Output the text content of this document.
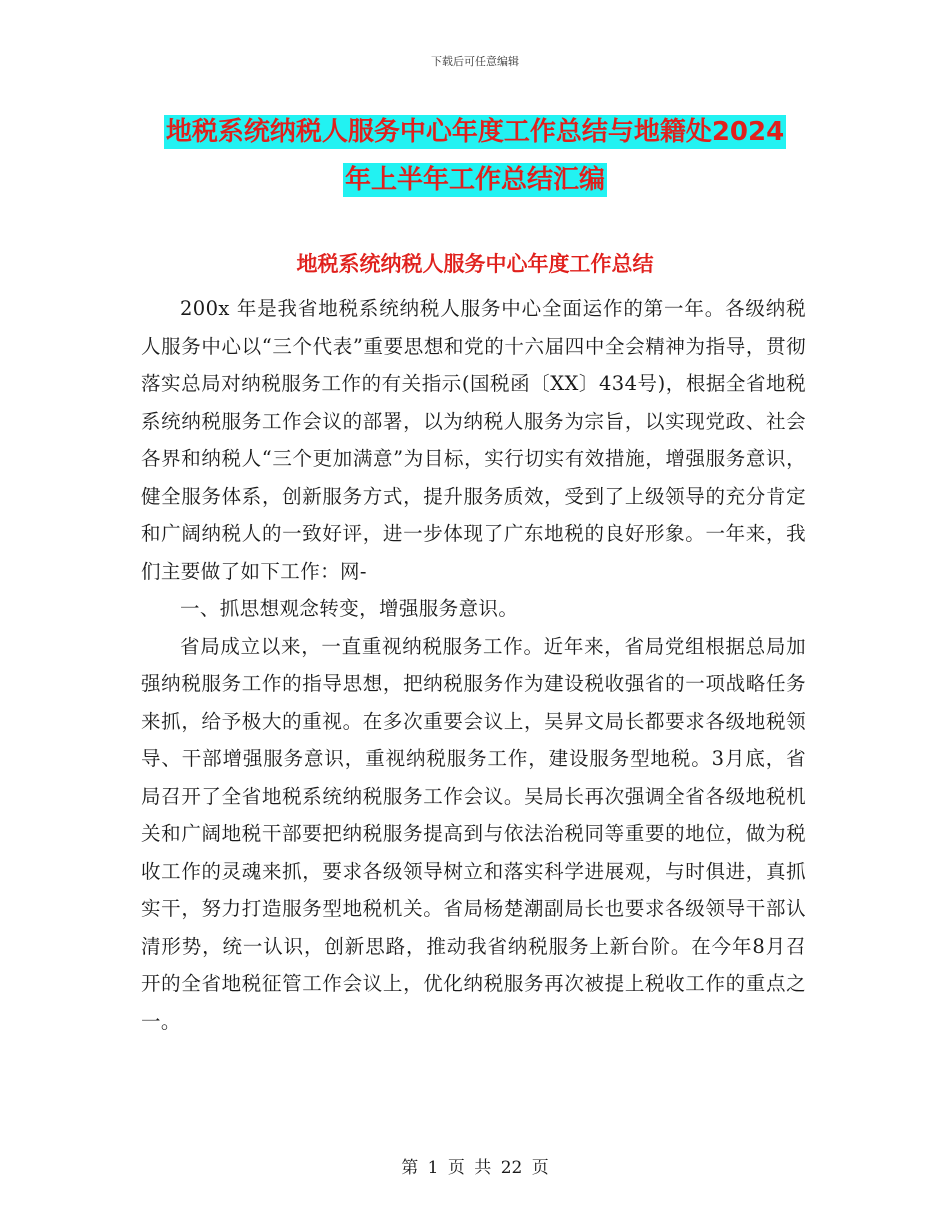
下载后可任意编辑
地税系统纳税人服务中心年度工作总结与地籍处2024
年上半年工作总结汇编
地税系统纳税人服务中心年度工作总结

200x 年是我省地税系统纳税人服务中心全面运作的第一年。各级纳税人服务中心以“三个代表”重要思想和党的十六届四中全会精神为指导，贯彻落实总局对纳税服务工作的有关指示(国税函〔XX〕434号)，根据全省地税系统纳税服务工作会议的部署，以为纳税人服务为宗旨，以实现党政、社会各界和纳税人“三个更加满意”为目标，实行切实有效措施，增强服务意识，健全服务体系，创新服务方式，提升服务质效，受到了上级领导的充分肯定和广阔纳税人的一致好评，进一步体现了广东地税的良好形象。一年来，我们主要做了如下工作：网-

一、抓思想观念转变，增强服务意识。

省局成立以来，一直重视纳税服务工作。近年来，省局党组根据总局加强纳税服务工作的指导思想，把纳税服务作为建设税收强省的一项战略任务来抓，给予极大的重视。在多次重要会议上，吴昇文局长都要求各级地税领导、干部增强服务意识，重视纳税服务工作，建设服务型地税。3月底，省局召开了全省地税系统纳税服务工作会议。吴局长再次强调全省各级地税机关和广阔地税干部要把纳税服务提高到与依法治税同等重要的地位，做为税收工作的灵魂来抓，要求各级领导树立和落实科学进展观，与时俱进，真抓实干，努力打造服务型地税机关。省局杨楚潮副局长也要求各级领导干部认清形势，统一认识，创新思路，推动我省纳税服务上新台阶。在今年8月召开的全省地税征管工作会议上，优化纳税服务再次被提上税收工作的重点之一。

第 1 页 共 22 页
